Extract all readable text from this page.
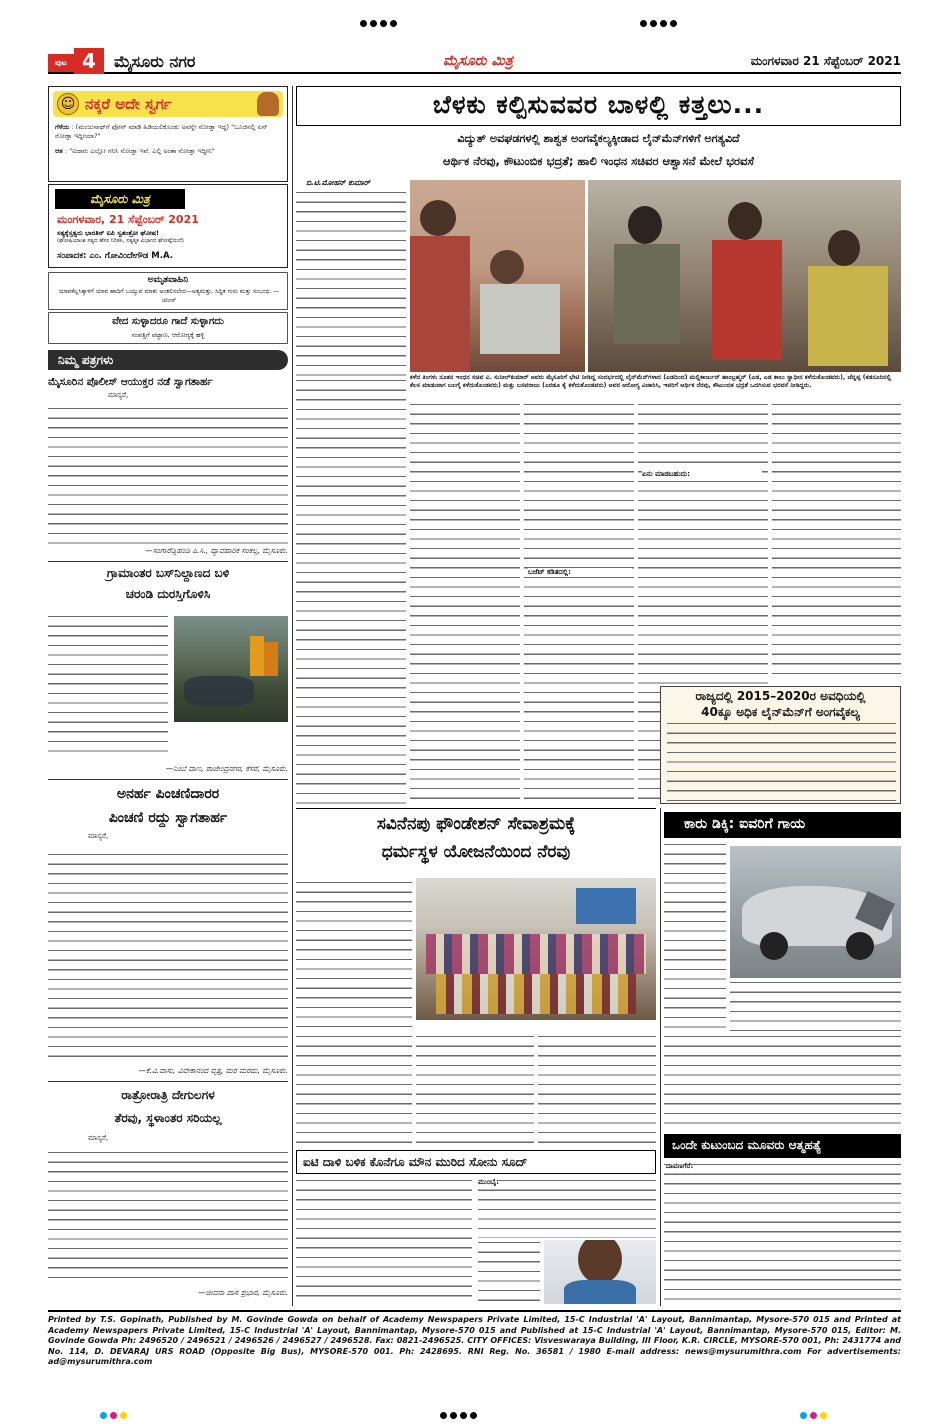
ಪುಟ 4	ಮೈಸೂರು ನಗರ	ಮೈಸೂರು ಮಿತ್ರ	ಮಂಗಳವಾರ 21 ಸೆಪ್ಟೆಂಬರ್ 2021
☺ ನಕ್ಕರೆ ಅದೇ ಸ್ವರ್ಗ
ಗೆಳೆಯ : (ಮಂಜುನಾಥ್‌ಗೆ ಫೋನ್ ಮಾಡಿ ಹಿಡಿಯಲಿಕೊಂಡು ಅವನ್ನೇ ನೋಡ್ತಾ ಇದ್ದ) "ಬೂಜಿನಲ್ಲಿ ಏನ್ ನೋಡ್ತಾ ಇದ್ದೀಯಾ?"
ಆತ : "ಐದಾರು ಎಲ್ಲೋ ಗನಿಸಿ ನೋಡ್ತಾ ಇವೆ. ಎಲ್ಲಿ ಅಂತಾ ನೋಡ್ತಾ ಇದ್ದೀನಿ"
ಮೈಸೂರು ಮಿತ್ರ
ಮಂಗಳವಾರ, 21 ಸೆಪ್ಟೆಂಬರ್ 2021
ಸತ್ಯಕ್ಕೆಸ್ತತ್ವರು ಭಾರತಿನ್ ಐಪಿ ಸ್ವತಂತ್ರೋ ಘೋಷ!
(ಘೋಷಿಯಾಂಶ ಸತ್ಯದ ಹೆಸರ ನಿರಿತಸಿ, ಸತ್ಯತ್ಮಕ ವಿಭಾಗದ ಘೋಷ್ಕೆಯಿದೆ)
ಸಂಪಾದಕ: ಎಂ. ಗೋವಿಂದೇಗೌಡ M.A.
ಅಮೃತವಾಹಿನಿ
ಯಾವಕೆಲ್ಲಸಿಕ್ಕಾಳಿಗೆ ಯಾವ ಹಾದಿಗೆ ಒಯ್ಯುವ ಮಾತು ಅಂತಲಿಸಲೇದ—ಅತ್ಯಮತ್ತು, ಸಿದ್ಧಿತ ಗುರು ಮತ್ತು ಸಂಬಂಧ. —ಚಿನೀಸ್
ವೇದ ಸುಳ್ಳಾದರೂ ಗಾದೆ ಸುಳ್ಳಾಗದು
ಸಂಪತ್ತಿಗೆ ಪಟ್ಟಾಣ, ಆರೋಗ್ಯಕ್ಕೆ ಹಳ್ಳಿ
ನಿಮ್ಮ ಪತ್ರಗಳು
ಮೈಸೂರಿನ ಪೊಲೀಸ್ ಆಯುಕ್ತರ ನಡೆ ಸ್ವಾಗತಾರ್ಹ
ಮಾನ್ಯರೆ,
—ಸಂಗಾರೆಡ್ಡಿಹಂಡಿ ಪಿ.ಸಿ., ವ್ಯಾವಹಾರಿಕ ಸಂಕಲ್ಪ, ಮೈಸೂರು.
ಗ್ರಾಮಾಂತರ ಬಸ್‌ನಿಲ್ದಾಣದ ಬಳಿ
ಚರಂಡಿ ದುರಸ್ತಿಗೊಳಿಸಿ
—ನಿಂಬೆ ವಾಣ, ರಾಜೇಂದ್ರನಗರ, ಕೆಸರೆ, ಮೈಸೂರು.
ಅನರ್ಹ ಪಿಂಚಣಿದಾರರ
ಪಿಂಚಣಿ ರದ್ದು ಸ್ವಾಗತಾರ್ಹ
ಮಾನ್ಯರೆ,
—ಕೆ.ವಿ.ವಾಸು, ವಿವೇಕಾನಂದ ವೃತ್ತ, ಮರ ಮರದು, ಮೈಸೂರು.
ರಾತ್ರೋರಾತ್ರಿ ದೇಗುಲಗಳ
ತೆರವು, ಸ್ಥಳಾಂತರ ಸರಿಯಲ್ಲ
ಮಾನ್ಯರೆ,
—ಜೀವನಾ ದಾಸ ಪ್ರಭಾರ, ಮೈಸೂರು.
ಬೆಳಕು ಕಲ್ಪಿಸುವವರ ಬಾಳಲ್ಲಿ ಕತ್ತಲು...
ವಿದ್ಯುತ್ ಅವಘಡಗಳಲ್ಲಿ ಶಾಶ್ವತ ಅಂಗವೈಕಲ್ಯಕ್ಕೀಡಾದ ಲೈನ್‌ಮೆನ್‌ಗಳಿಗೆ ಅಗತ್ಯವಿದೆ
ಆರ್ಥಿಕ ನೆರವು, ಕೌಟುಂಬಿಕ ಭದ್ರತೆ; ಹಾಲಿ ಇಂಧನ ಸಚಿವರ ಆಶ್ವಾಸನೆ ಮೇಲೆ ಭರವಸೆ
ಬಿ.ಟಿ.ಮೋಹನ್ ಕುಮಾರ್
ಕಳೆದ ತಿಂಗಳು ನೂತನ ಇಂಧನ ಸಚಿವ ವಿ. ಸುನೀಲ್‌ಕುಮಾರ್ ಅವರು ಮೈಸೂರಿಗೆ ಭೇಟಿ ನೀಡಿದ್ದ ಸಂದರ್ಭದಲ್ಲಿ ಲೈನ್‌ಮೆನ್‌ಗಳಾದ (ಎಡದಿಂದ) ಮಲ್ಲಿಕಾರ್ಜುನ್ ಹಾಂಬ್ರಹ್ಮನ್ (ಎಡ, ಎಡ ಕಾಲು ಸ್ವಾಧೀನ ಕಳೆದುಕೊಂಡವರು), ಚೆನ್ನಪ್ಪ (ಕಡನೂರಿನಲ್ಲಿ ಕೆಲಸ ಮಾಡುವಾಗ ಬಲಗೈ ಕಳೆದುಕೊಂಡವರು) ಮತ್ತು ಬಸವರಾಜು (ಎರಡೂ ಕೈ ಕಳೆದುಕೊಂಡವರು) ಅವರ ಆರೋಗ್ಯ ವಿಚಾರಿಸಿ, ಇವರಿಗೆ ಆರ್ಥಿಕ ನೆರವು, ಕೌಟುಂಬಿಕ ಭದ್ರತೆ ಒದಗಿಸುವ ಭರವಸೆ ನೀಡಿದ್ದರು.
ಬಜೆಟ್ ಕಡಿತದಲ್ಲಿ:
ಏನು ಮಾಡಬಹುದು:
ರಾಜ್ಯದಲ್ಲಿ 2015–2020ರ ಅವಧಿಯಲ್ಲಿ
40ಕ್ಕೂ ಅಧಿಕ ಲೈನ್‌ಮೆನ್‌ಗೆ ಅಂಗವೈಕಲ್ಯ
ಸವಿನೆನಪು ಫೌಂಡೇಶನ್ ಸೇವಾಶ್ರಮಕ್ಕೆ
ಧರ್ಮಸ್ಥಳ ಯೋಜನೆಯಿಂದ ನೆರವು
ಕಾರು ಡಿಕ್ಕಿ: ಐವರಿಗೆ ಗಾಯ
ಐಟಿ ದಾಳಿ ಬಳಿಕ ಕೊನೆಗೂ ಮೌನ ಮುರಿದ ಸೋನು ಸೂದ್
ಮುಂಬೈ:
ಒಂದೇ ಕುಟುಂಬದ ಮೂವರು ಆತ್ಮಹತ್ಯೆ
ದಾವಣಗೆರೆ:
Printed by T.S. Gopinath, Published by M. Govinde Gowda on behalf of Academy Newspapers Private Limited, 15-C Industrial 'A' Layout, Bannimantap, Mysore-570 015 and Printed at Academy Newspapers Private Limited, 15-C Industrial 'A' Layout, Bannimantap, Mysore-570 015 and Published at 15-C Industrial 'A' Layout, Bannimantap, Mysore-570 015, Editor: M. Govinde Gowda Ph: 2496520 / 2496521 / 2496526 / 2496527 / 2496528. Fax: 0821-2496525. CITY OFFICES: Visveswaraya Building, III Floor, K.R. CIRCLE, MYSORE-570 001, Ph: 2431774 and No. 114, D. DEVARAJ URS ROAD (Opposite Big Bus), MYSORE-570 001. Ph: 2428695. RNI Reg. No. 36581 / 1980 E-mail address: news@mysurumithra.com For advertisements: ad@mysurumithra.com
